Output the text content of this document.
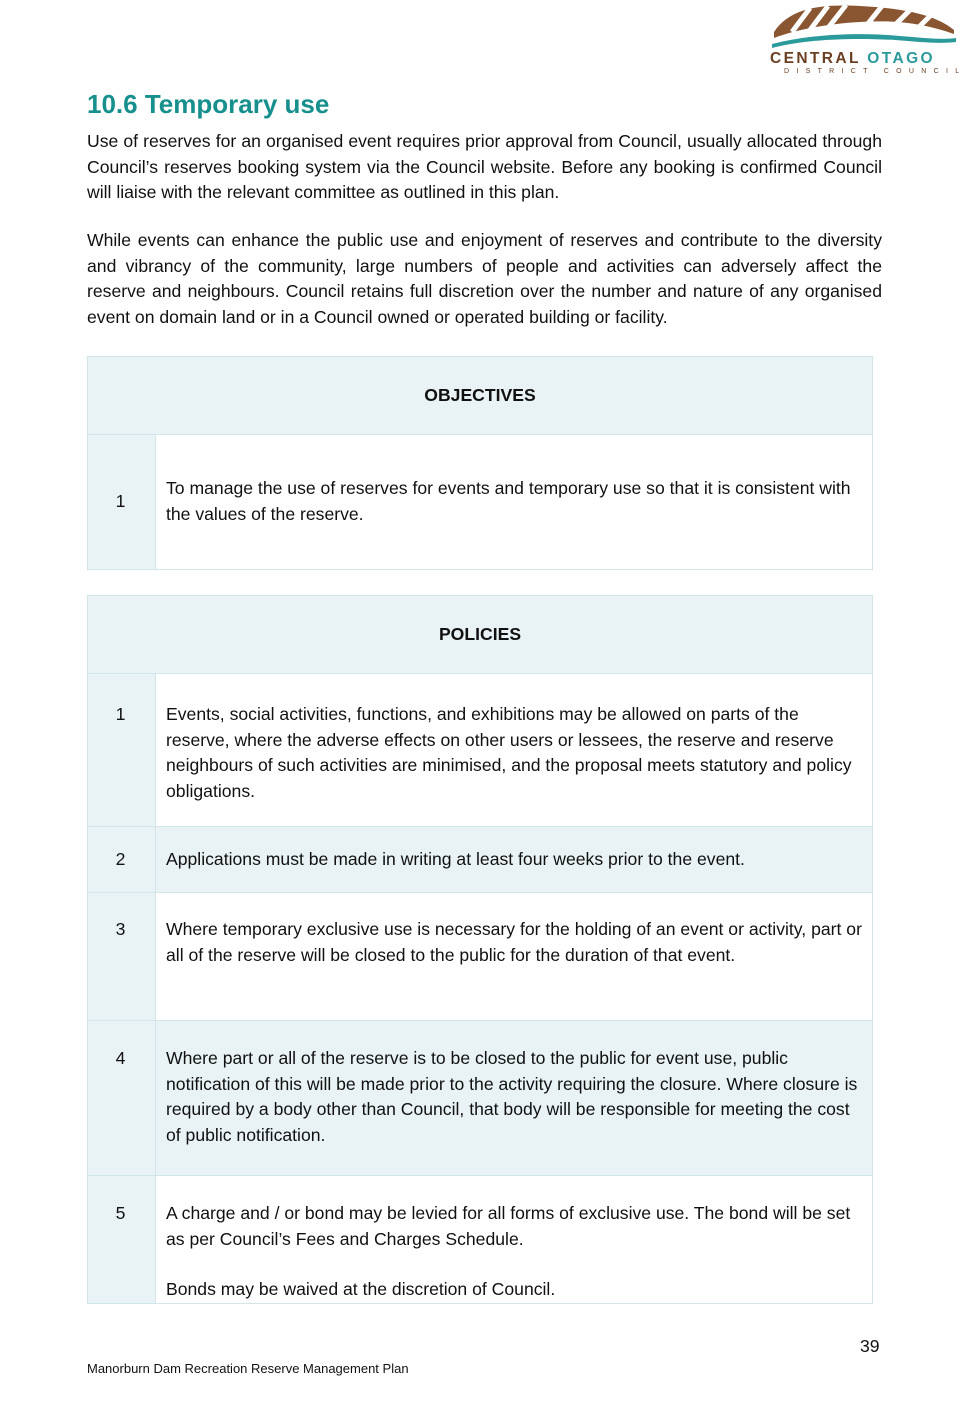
CENTRAL OTAGO
DISTRICT COUNCIL
10.6 Temporary use

Use of reserves for an organised event requires prior approval from Council, usually allocated through Council’s reserves booking system via the Council website. Before any booking is confirmed Council will liaise with the relevant committee as outlined in this plan.

While events can enhance the public use and enjoyment of reserves and contribute to the diversity and vibrancy of the community, large numbers of people and activities can adversely affect the reserve and neighbours. Council retains full discretion over the number and nature of any organised event on domain land or in a Council owned or operated building or facility.

OBJECTIVES
1	To manage the use of reserves for events and temporary use so that it is consistent with the values of the reserve.
POLICIES	
1	Events, social activities, functions, and exhibitions may be allowed on parts of the reserve, where the adverse effects on other users or lessees, the reserve and reserve neighbours of such activities are minimised, and the proposal meets statutory and policy obligations.
2	Applications must be made in writing at least four weeks prior to the event.
3	Where temporary exclusive use is necessary for the holding of an event or activity, part or all of the reserve will be closed to the public for the duration of that event.
4	Where part or all of the reserve is to be closed to the public for event use, public notification of this will be made prior to the activity requiring the closure. Where closure is required by a body other than Council, that body will be responsible for meeting the cost of public notification.
5	A charge and / or bond may be levied for all forms of exclusive use. The bond will be set as per Council’s Fees and Charges Schedule.
Bonds may be waived at the discretion of Council.
39
Manorburn Dam Recreation Reserve Management Plan
